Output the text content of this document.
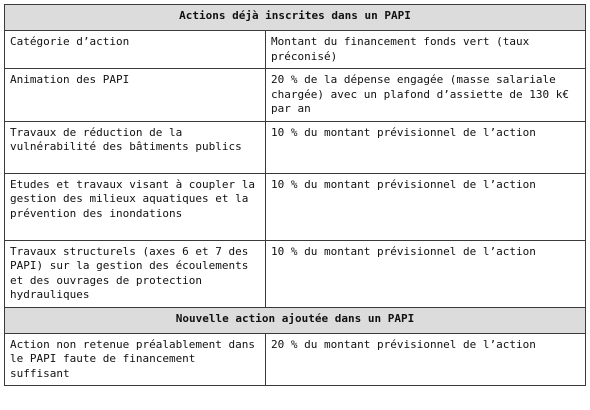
Actions déjà inscrites dans un PAPI	
Catégorie d’action	Montant du financement fonds vert (taux préconisé)
Animation des PAPI	20 % de la dépense engagée (masse salariale chargée) avec un plafond d’assiette de 130 k€ par an
Travaux de réduction de la vulnérabilité des bâtiments publics	10 % du montant prévisionnel de l’action
Etudes et travaux visant à coupler la gestion des milieux aquatiques et la prévention des inondations	10 % du montant prévisionnel de l’action
Travaux structurels (axes 6 et 7 des PAPI) sur la gestion des écoulements et des ouvrages de protection hydrauliques	10 % du montant prévisionnel de l’action
Nouvelle action ajoutée dans un PAPI	
Action non retenue préalablement dans le PAPI faute de financement suffisant	20 % du montant prévisionnel de l’action
